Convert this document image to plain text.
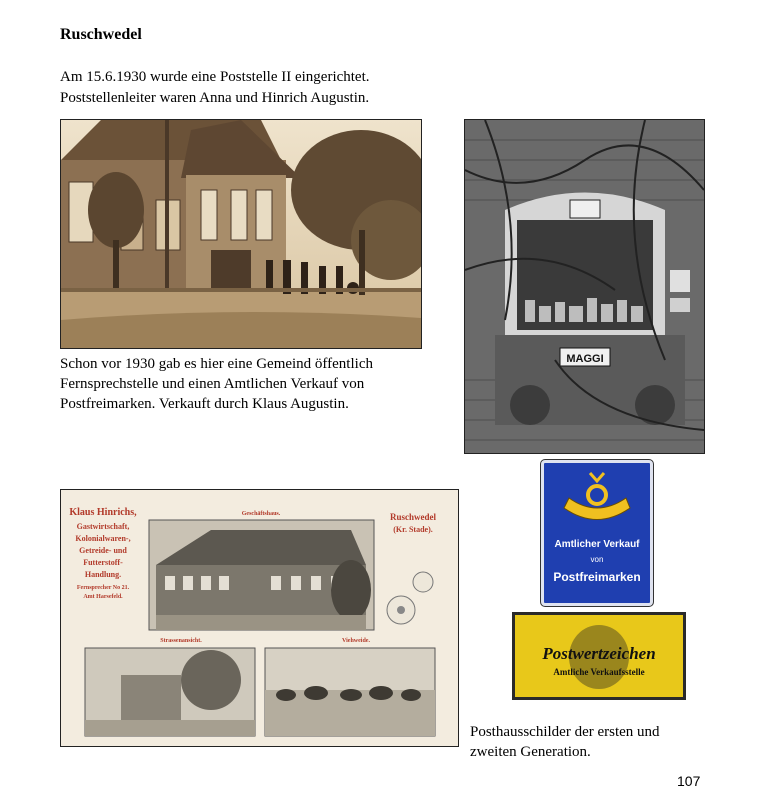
Ruschwedel
Am 15.6.1930 wurde eine Poststelle II eingerichtet.
Poststellenleiter waren Anna und Hinrich Augustin.
MAGGI
Schon vor 1930 gab es hier eine Gemeind öffentlich
Fernsprechstelle und einen Amtlichen Verkauf von
Postfreimarken. Verkauft durch Klaus Augustin.
Klaus Hinrichs,
Gastwirtschaft,
Kolonialwaren-,
Getreide- und
Futterstoff-
Handlung.
Fernsprecher No 21.
Amt Harsefeld.
Ruschwedel
(Kr. Stade).
Geschäftshaus.
Strassenansicht.	Viehweide.
Amtlicher Verkauf
von
Postfreimarken
Postwertzeichen
Amtliche Verkaufsstelle
Posthausschilder der ersten und
zweiten Generation.
107
